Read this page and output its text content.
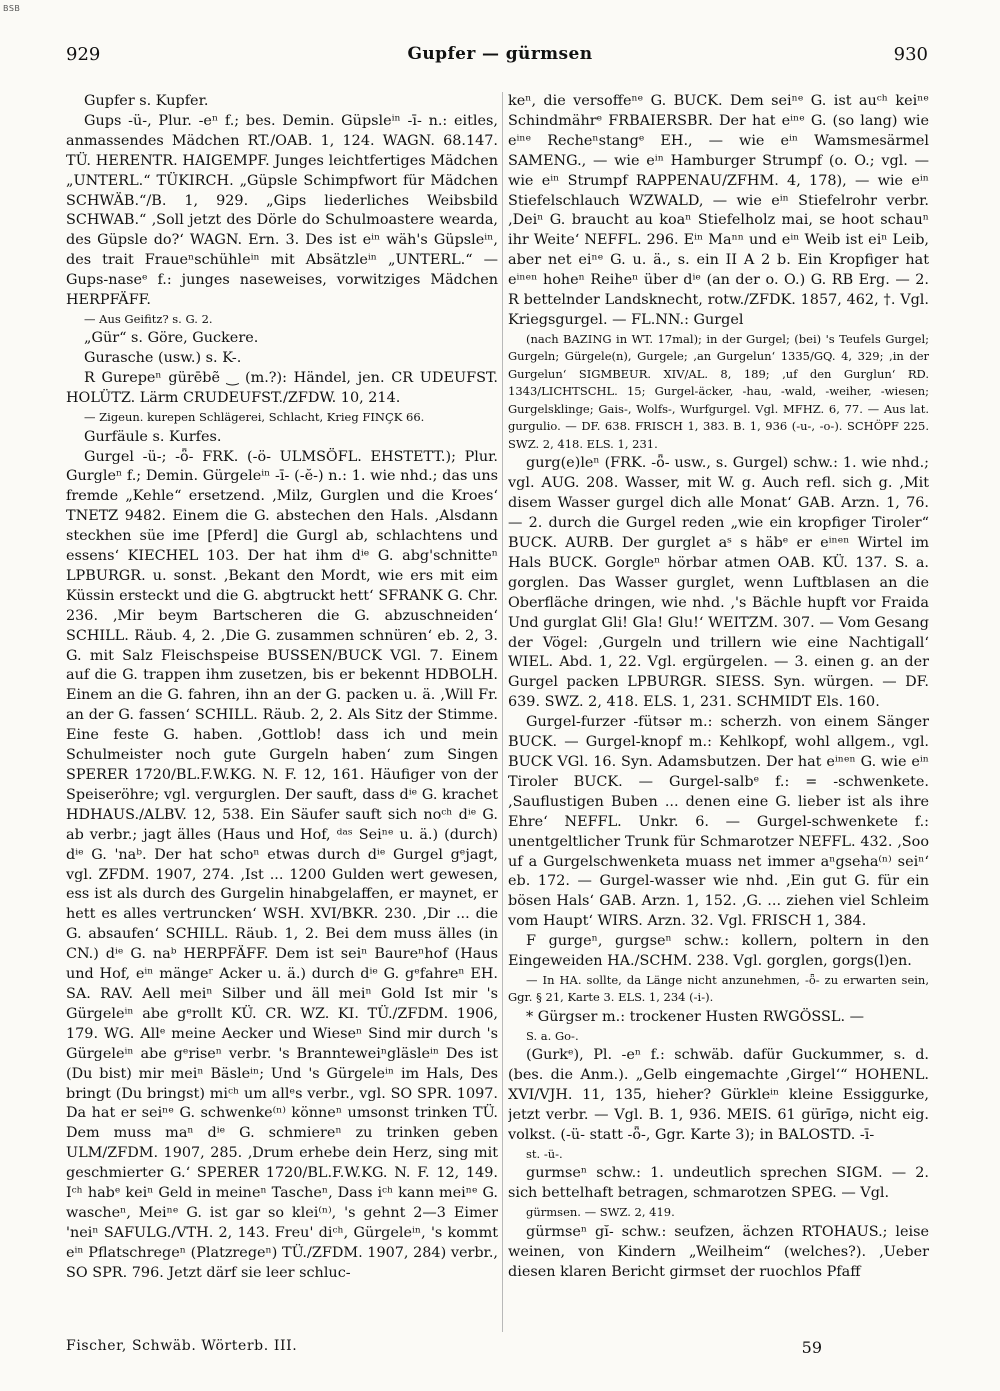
BSB
929	Gupfer — gürmsen	930

Gupfer s. Kupfer.

Gups -ü-, Plur. -eⁿ f.; bes. Demin. Güpsleⁱⁿ -ī- n.: eitles, anmassendes Mädchen RT./OAB. 1, 124. WAGN. 68.147. TÜ. HERENTR. HAIGEMPF. Junges leichtfertiges Mädchen „UNTERL.“ TÜKIRCH. „Güpsle Schimpfwort für Mädchen SCHWÄB.“/B. 1, 929. „Gips liederliches Weibsbild SCHWAB.“ ‚Soll jetzt des Dörle do Schulmoastere wearda, des Güpsle do?‘ WAGN. Ern. 3. Des ist eⁱⁿ wäh's Güpsleⁱⁿ, des trait Fraueⁿschühleⁱⁿ mit Absätzleⁱⁿ „UNTERL.“ — Gups-naseᵉ f.: junges naseweises, vorwitziges Mädchen HERPFÄFF.

— Aus Geifitz? s. G. 2.

„Gür“ s. Göre, Guckere.

Gurasche (usw.) s. K-.

R Gurepeⁿ gürēbẽ ‿ (m.?): Händel, jen. CR UDEUFST. HOLÜTZ. Lärm CRUDEUFST./ZFDW. 10, 214.

— Zigeun. kurepen Schlägerei, Schlacht, Krieg FINÇK 66.

Gurfäule s. Kurfes.

Gurgel -ü-; -ȫ- FRK. (-ö- ULMSÖFL. EHSTETT.); Plur. Gurgleⁿ f.; Demin. Gürgeleⁱⁿ -ī- (-ĕ-) n.: 1. wie nhd.; das uns fremde „Kehle“ ersetzend. ‚Milz, Gurglen und die Kroes‘ TNETZ 9482. Einem die G. abstechen den Hals. ‚Alsdann steckhen süe ime [Pferd] die Gurgl ab, schlachtens und essens‘ KIECHEL 103. Der hat ihm dⁱᵉ G. abg'schnitteⁿ LPBURGR. u. sonst. ‚Bekant den Mordt, wie ers mit eim Küssin ersteckt und die G. abgtruckt hett‘ SFRANK G. Chr. 236. ‚Mir beym Bartscheren die G. abzuschneiden‘ SCHILL. Räub. 4, 2. ‚Die G. zusammen schnüren‘ eb. 2, 3. G. mit Salz Fleischspeise BUSSEN/BUCK VGl. 7. Einem auf die G. trappen ihm zusetzen, bis er bekennt HDBOLH. Einem an die G. fahren, ihn an der G. packen u. ä. ‚Will Fr. an der G. fassen‘ SCHILL. Räub. 2, 2. Als Sitz der Stimme. Eine feste G. haben. ‚Gottlob! dass ich und mein Schulmeister noch gute Gurgeln haben‘ zum Singen SPERER 1720/BL.F.W.KG. N. F. 12, 161. Häufiger von der Speiseröhre; vgl. vergurglen. Der sauft, dass dⁱᵉ G. krachet HDHAUS./ALBV. 12, 538. Ein Säufer sauft sich noᶜʰ dⁱᵉ G. ab verbr.; jagt älles (Haus und Hof, ᵈᵃˢ Seiⁿᵉ u. ä.) (durch) dⁱᵉ G. 'naᵇ. Der hat schoⁿ etwas durch dⁱᵉ Gurgel gᵉjagt, vgl. ZFDM. 1907, 274. ‚Ist ... 1200 Gulden wert gewesen, ess ist als durch des Gurgelin hinabgelaffen, er maynet, er hett es alles vertruncken‘ WSH. XVI/BKR. 230. ‚Dir ... die G. absaufen‘ SCHILL. Räub. 1, 2. Bei dem muss älles (in CN.) dⁱᵉ G. naᵇ HERPFÄFF. Dem ist seiⁿ Baureⁿhof (Haus und Hof, eⁱⁿ mängeʳ Acker u. ä.) durch dⁱᵉ G. gᵉfahreⁿ EH. SA. RAV. Aell meiⁿ Silber und äll meiⁿ Gold Ist mir 's Gürgeleⁱⁿ abe gᵉrollt KÜ. CR. WZ. KI. TÜ./ZFDM. 1906, 179. WG. Allᵉ meine Aecker und Wieseⁿ Sind mir durch 's Gürgeleⁱⁿ abe gᵉriseⁿ verbr. 's Brannteweiⁿgläsleⁱⁿ Des ist (Du bist) mir meiⁿ Bäsleⁱⁿ; Und 's Gürgeleⁱⁿ im Hals, Des bringt (Du bringst) miᶜʰ um allᵉs verbr., vgl. SO SPR. 1097. Da hat er seiⁿᵉ G. schwenke⁽ⁿ⁾ könneⁿ umsonst trinken TÜ. Dem muss maⁿ dⁱᵉ G. schmiereⁿ zu trinken geben ULM/ZFDM. 1907, 285. ‚Drum erhebe dein Herz, sing mit geschmierter G.‘ SPERER 1720/BL.F.W.KG. N. F. 12, 149. Iᶜʰ habᵉ keiⁿ Geld in meineⁿ Tascheⁿ, Dass iᶜʰ kann meiⁿᵉ G. wascheⁿ, Meiⁿᵉ G. ist gar so klei⁽ⁿ⁾, 's gehnt 2—3 Eimer 'neiⁿ SAFULG./VTH. 2, 143. Freu' diᶜʰ, Gürgeleⁱⁿ, 's kommt eⁱⁿ Pflatschregeⁿ (Platzregeⁿ) TÜ./ZFDM. 1907, 284) verbr., SO SPR. 796. Jetzt därf sie leer schluc-

keⁿ, die versoffeⁿᵉ G. BUCK. Dem seiⁿᵉ G. ist auᶜʰ keiⁿᵉ Schindmährᵉ FRBAIERSBR. Der hat eⁱⁿᵉ G. (so lang) wie eⁱⁿᵉ Recheⁿstangᵉ EH., — wie eⁱⁿ Wamsmesärmel SAMENG., — wie eⁱⁿ Hamburger Strumpf (o. O.; vgl. — wie eⁱⁿ Strumpf RAPPENAU/ZFHM. 4, 178), — wie eⁱⁿ Stiefelschlauch WZWALD, — wie eⁱⁿ Stiefelrohr verbr. ‚Deiⁿ G. braucht au koaⁿ Stiefelholz mai, se hoot schauⁿ ihr Weite‘ NEFFL. 296. Eⁱⁿ Maⁿⁿ und eⁱⁿ Weib ist eiⁿ Leib, aber net eiⁿᵉ G. u. ä., s. ein II A 2 b. Ein Kropfiger hat eⁱⁿᵉⁿ hoheⁿ Reiheⁿ über dⁱᵉ (an der o. O.) G. RB Erg. — 2. R bettelnder Landsknecht, rotw./ZFDK. 1857, 462, †. Vgl. Kriegsgurgel. — FL.NN.: Gurgel

(nach BAZING in WT. 17mal); in der Gurgel; (bei) 's Teufels Gurgel; Gurgeln; Gürgele(n), Gurgele; ‚an Gurgelun‘ 1335/GQ. 4, 329; ‚in der Gurgelun‘ SIGMBEUR. XIV/AL. 8, 189; ‚uf den Gurglun‘ RD. 1343/LICHTSCHL. 15; Gurgel-äcker, -hau, -wald, -weiher, -wiesen; Gurgelsklinge; Gais-, Wolfs-, Wurfgurgel. Vgl. MFHZ. 6, 77. — Aus lat. gurgulio. — DF. 638. FRISCH 1, 383. B. 1, 936 (-u-, -o-). SCHÖPF 225. SWZ. 2, 418. ELS. 1, 231.

gurg(e)leⁿ (FRK. -ȫ- usw., s. Gurgel) schw.: 1. wie nhd.; vgl. AUG. 208. Wasser, mit W. g. Auch refl. sich g. ‚Mit disem Wasser gurgel dich alle Monat‘ GAB. Arzn. 1, 76. — 2. durch die Gurgel reden „wie ein kropfiger Tiroler“ BUCK. AURB. Der gurglet aˢ s häbᵉ er eⁱⁿᵉⁿ Wirtel im Hals BUCK. Gorgleⁿ hörbar atmen OAB. KÜ. 137. S. a. gorglen. Das Wasser gurglet, wenn Luftblasen an die Oberfläche dringen, wie nhd. ‚'s Bächle hupft vor Fraida Und gurglat Gli! Gla! Glu!‘ WEITZM. 307. — Vom Gesang der Vögel: ‚Gurgeln und trillern wie eine Nachtigall‘ WIEL. Abd. 1, 22. Vgl. ergürgelen. — 3. einen g. an der Gurgel packen LPBURGR. SIESS. Syn. würgen. — DF. 639. SWZ. 2, 418. ELS. 1, 231. SCHMIDT Els. 160.

Gurgel-furzer -fütsər m.: scherzh. von einem Sänger BUCK. — Gurgel-knopf m.: Kehlkopf, wohl allgem., vgl. BUCK VGl. 16. Syn. Adamsbutzen. Der hat eⁱⁿᵉⁿ G. wie eⁱⁿ Tiroler BUCK. — Gurgel-salbᵉ f.: = -schwenkete. ‚Sauflustigen Buben ... denen eine G. lieber ist als ihre Ehre‘ NEFFL. Unkr. 6. — Gurgel-schwenkete f.: unentgeltlicher Trunk für Schmarotzer NEFFL. 432. ‚Soo uf a Gurgelschwenketa muass net immer aⁿgseha⁽ⁿ⁾ seiⁿ‘ eb. 172. — Gurgel-wasser wie nhd. ‚Ein gut G. für ein bösen Hals‘ GAB. Arzn. 1, 152. ‚G. ... ziehen viel Schleim vom Haupt‘ WIRS. Arzn. 32. Vgl. FRISCH 1, 384.

F gurgeⁿ, gurgseⁿ schw.: kollern, poltern in den Eingeweiden HA./SCHM. 238. Vgl. gorglen, gorgs(l)en.

— In HA. sollte, da Länge nicht anzunehmen, -ȫ- zu erwarten sein, Ggr. § 21, Karte 3. ELS. 1, 234 (-i-).

* Gürgser m.: trockener Husten RWGÖSSL. —

S. a. Go-.

(Gurkᵉ), Pl. -eⁿ f.: schwäb. dafür Guckummer, s. d. (bes. die Anm.). „Gelb eingemachte ‚Girgel‘“ HOHENL. XVI/VJH. 11, 135, hieher? Gürkleⁱⁿ kleine Essiggurke, jetzt verbr. — Vgl. B. 1, 936. MEIS. 61 gürīgə, nicht eig. volkst. (-ü- statt -ȫ-, Ggr. Karte 3); in BALOSTD. -ī-

st. -ü-.

gurmseⁿ schw.: 1. undeutlich sprechen SIGM. — 2. sich bettelhaft betragen, schmarotzen SPEG. — Vgl.

gürmsen. — SWZ. 2, 419.

gürmseⁿ gĭ- schw.: seufzen, ächzen RTOHAUS.; leise weinen, von Kindern „Weilheim“ (welches?). ‚Ueber diesen klaren Bericht girmset der ruochlos Pfaff

Fischer, Schwäb. Wörterb. III.	59
